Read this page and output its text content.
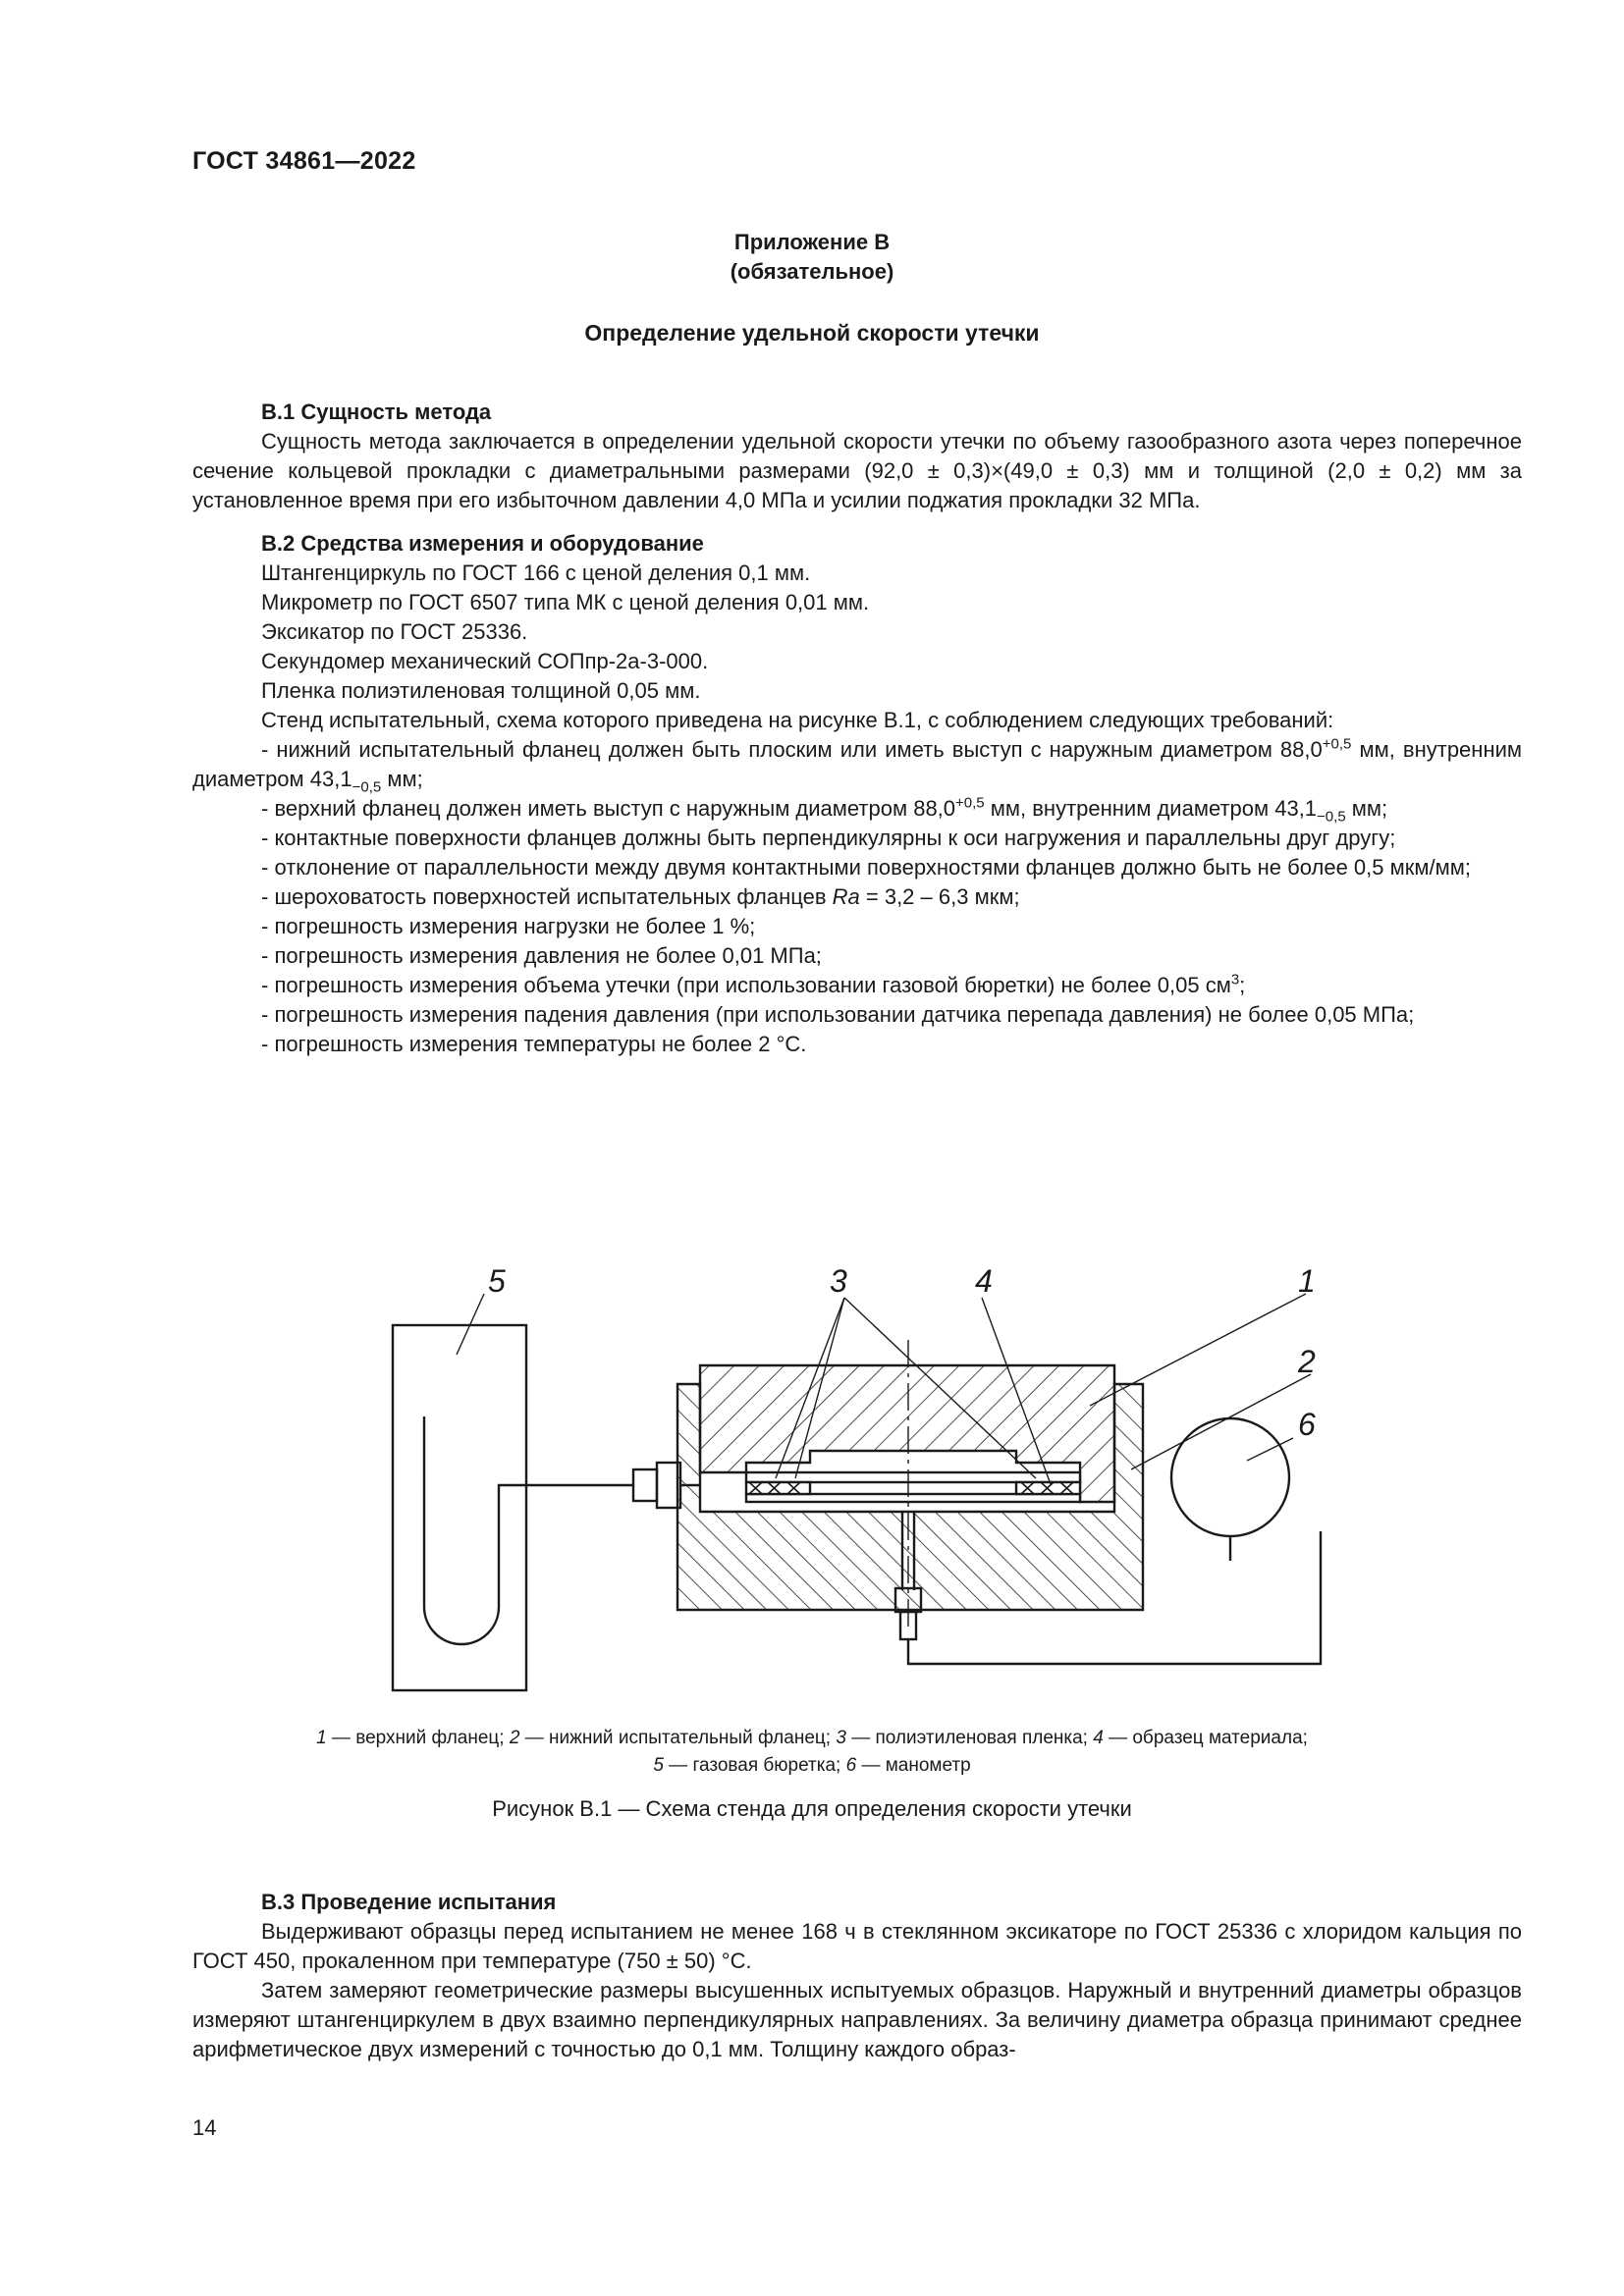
ГОСТ 34861—2022
Приложение В
(обязательное)
Определение удельной скорости утечки

В.1 Сущность метода

Сущность метода заключается в определении удельной скорости утечки по объему газообразного азота через поперечное сечение кольцевой прокладки с диаметральными размерами (92,0 ± 0,3)×(49,0 ± 0,3) мм и толщиной (2,0 ± 0,2) мм за установленное время при его избыточном давлении 4,0 МПа и усилии поджатия прокладки 32 МПа.

В.2 Средства измерения и оборудование

Штангенциркуль по ГОСТ 166 с ценой деления 0,1 мм.

Микрометр по ГОСТ 6507 типа МК с ценой деления 0,01 мм.

Эксикатор по ГОСТ 25336.

Секундомер механический СОПпр-2а-3-000.

Пленка полиэтиленовая толщиной 0,05 мм.

Стенд испытательный, схема которого приведена на рисунке В.1, с соблюдением следующих требований:

- нижний испытательный фланец должен быть плоским или иметь выступ с наружным диаметром $88,0^{+0,5}$ мм, внутренним диаметром $43,1_{-0,5}$ мм;

- верхний фланец должен иметь выступ с наружным диаметром $88,0^{+0,5}$ мм, внутренним диаметром $43,1_{-0,5}$ мм;

- контактные поверхности фланцев должны быть перпендикулярны к оси нагружения и параллельны друг другу;

- отклонение от параллельности между двумя контактными поверхностями фланцев должно быть не более 0,5 мкм/мм;

- шероховатость поверхностей испытательных фланцев Ra = 3,2 – 6,3 мкм;

- погрешность измерения нагрузки не более 1 %;

- погрешность измерения давления не более 0,01 МПа;

- погрешность измерения объема утечки (при использовании газовой бюретки) не более 0,05 $см^3$;

- погрешность измерения падения давления (при использовании датчика перепада давления) не более 0,05 МПа;

- погрешность измерения температуры не более 2 °С.

5	3	4	1
2
6
1 — верхний фланец; 2 — нижний испытательный фланец; 3 — полиэтиленовая пленка; 4 — образец материала;
5 — газовая бюретка; 6 — манометр
Рисунок В.1 — Схема стенда для определения скорости утечки

В.3 Проведение испытания

Выдерживают образцы перед испытанием не менее 168 ч в стеклянном эксикаторе по ГОСТ 25336 с хлоридом кальция по ГОСТ 450, прокаленном при температуре (750 ± 50) °С.

Затем замеряют геометрические размеры высушенных испытуемых образцов. Наружный и внутренний диаметры образцов измеряют штангенциркулем в двух взаимно перпендикулярных направлениях. За величину диаметра образца принимают среднее арифметическое двух измерений с точностью до 0,1 мм. Толщину каждого образ-

14
